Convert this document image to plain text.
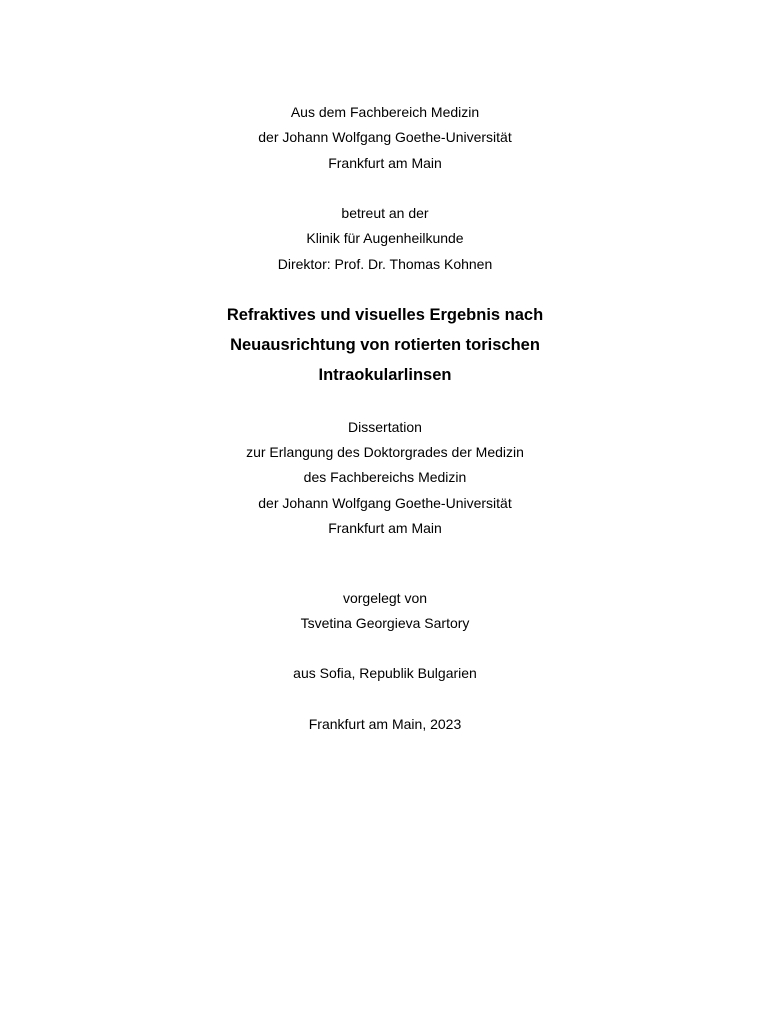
Aus dem Fachbereich Medizin
der Johann Wolfgang Goethe-Universität
Frankfurt am Main
betreut an der
Klinik für Augenheilkunde
Direktor: Prof. Dr. Thomas Kohnen
Refraktives und visuelles Ergebnis nach
Neuausrichtung von rotierten torischen
Intraokularlinsen
Dissertation
zur Erlangung des Doktorgrades der Medizin
des Fachbereichs Medizin
der Johann Wolfgang Goethe-Universität
Frankfurt am Main
vorgelegt von
Tsvetina Georgieva Sartory
aus Sofia, Republik Bulgarien
Frankfurt am Main, 2023
